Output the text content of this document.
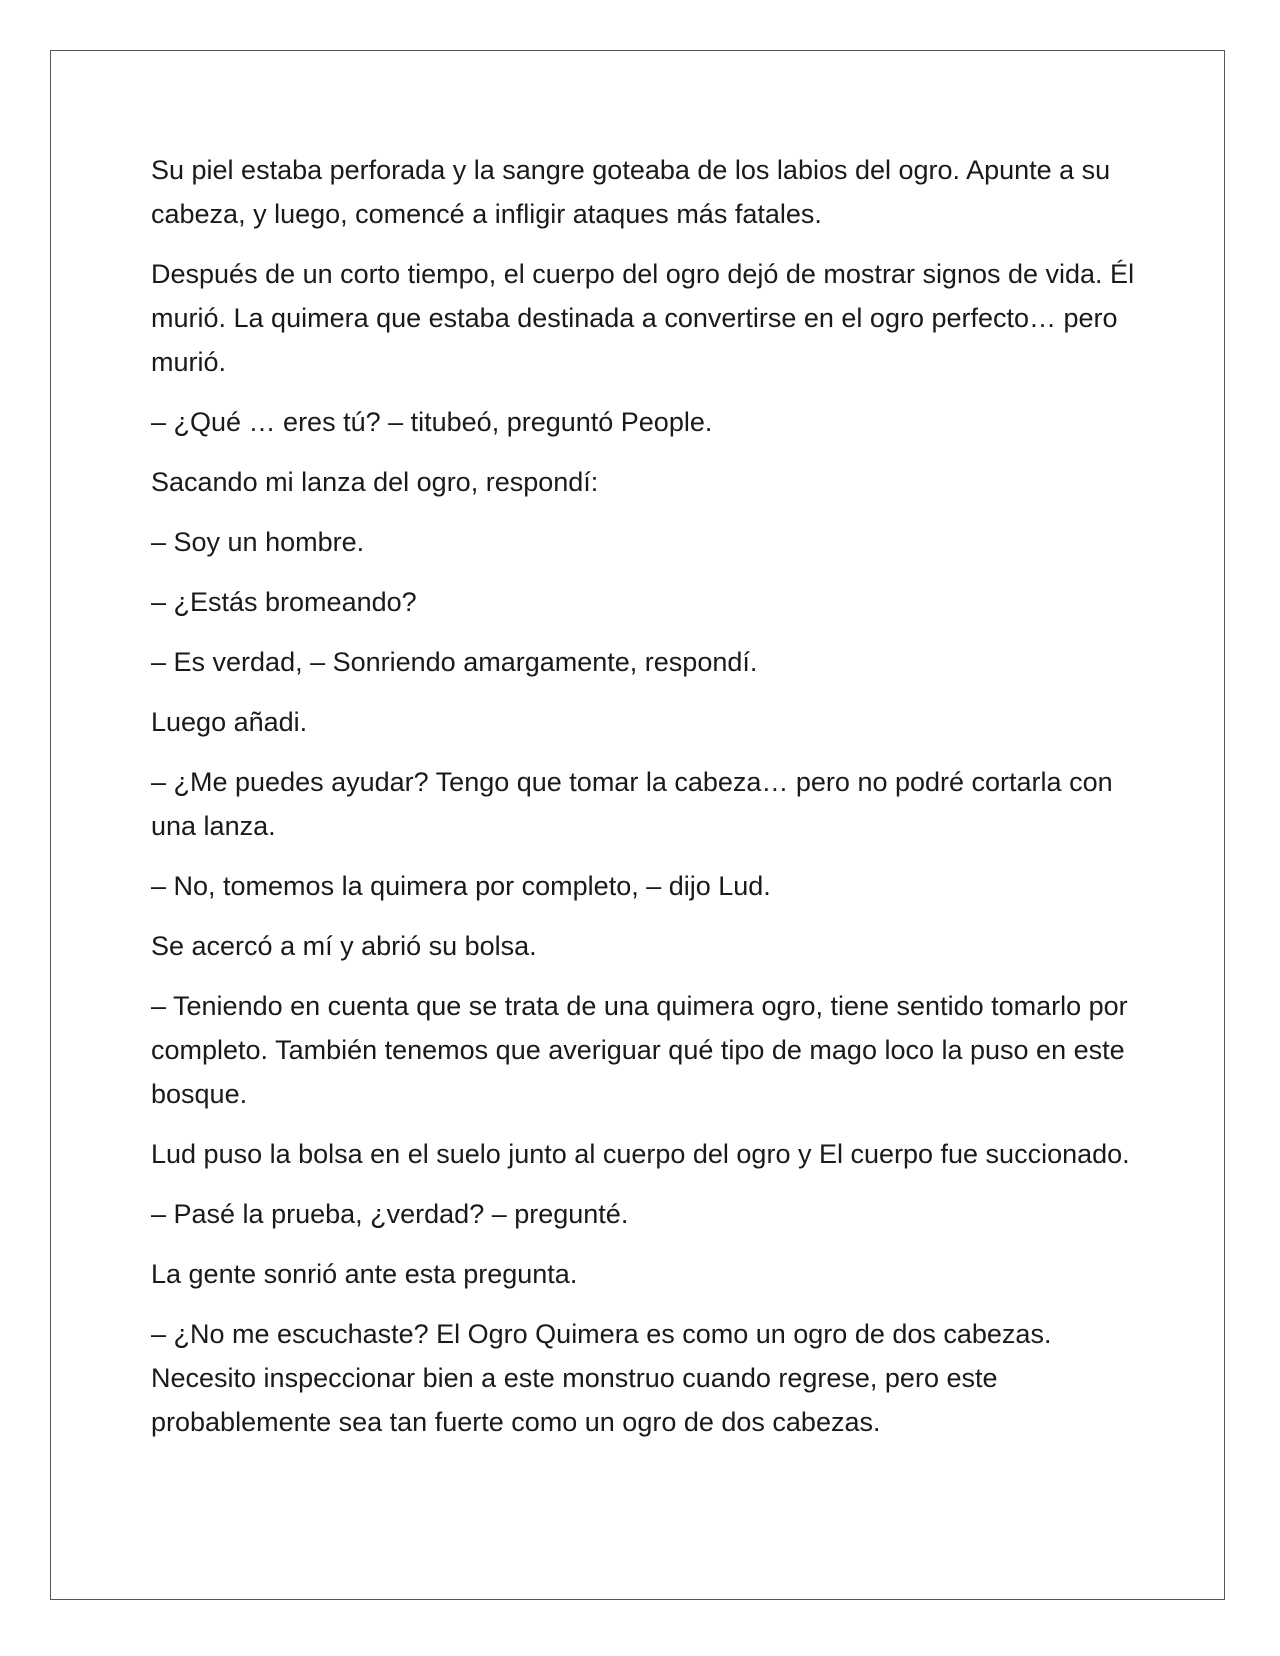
Su piel estaba perforada y la sangre goteaba de los labios del ogro. Apunte a su cabeza, y luego, comencé a infligir ataques más fatales.

Después de un corto tiempo, el cuerpo del ogro dejó de mostrar signos de vida. Él murió. La quimera que estaba destinada a convertirse en el ogro perfecto… pero murió.

– ¿Qué … eres tú? – titubeó, preguntó People.

Sacando mi lanza del ogro, respondí:

– Soy un hombre.

– ¿Estás bromeando?

– Es verdad, – Sonriendo amargamente, respondí.

Luego añadi.

– ¿Me puedes ayudar? Tengo que tomar la cabeza… pero no podré cortarla con una lanza.

– No, tomemos la quimera por completo, – dijo Lud.

Se acercó a mí y abrió su bolsa.

– Teniendo en cuenta que se trata de una quimera ogro, tiene sentido tomarlo por completo. También tenemos que averiguar qué tipo de mago loco la puso en este bosque.

Lud puso la bolsa en el suelo junto al cuerpo del ogro y El cuerpo fue succionado.

– Pasé la prueba, ¿verdad? – pregunté.

La gente sonrió ante esta pregunta.

– ¿No me escuchaste? El Ogro Quimera es como un ogro de dos cabezas. Necesito inspeccionar bien a este monstruo cuando regrese, pero este probablemente sea tan fuerte como un ogro de dos cabezas.
